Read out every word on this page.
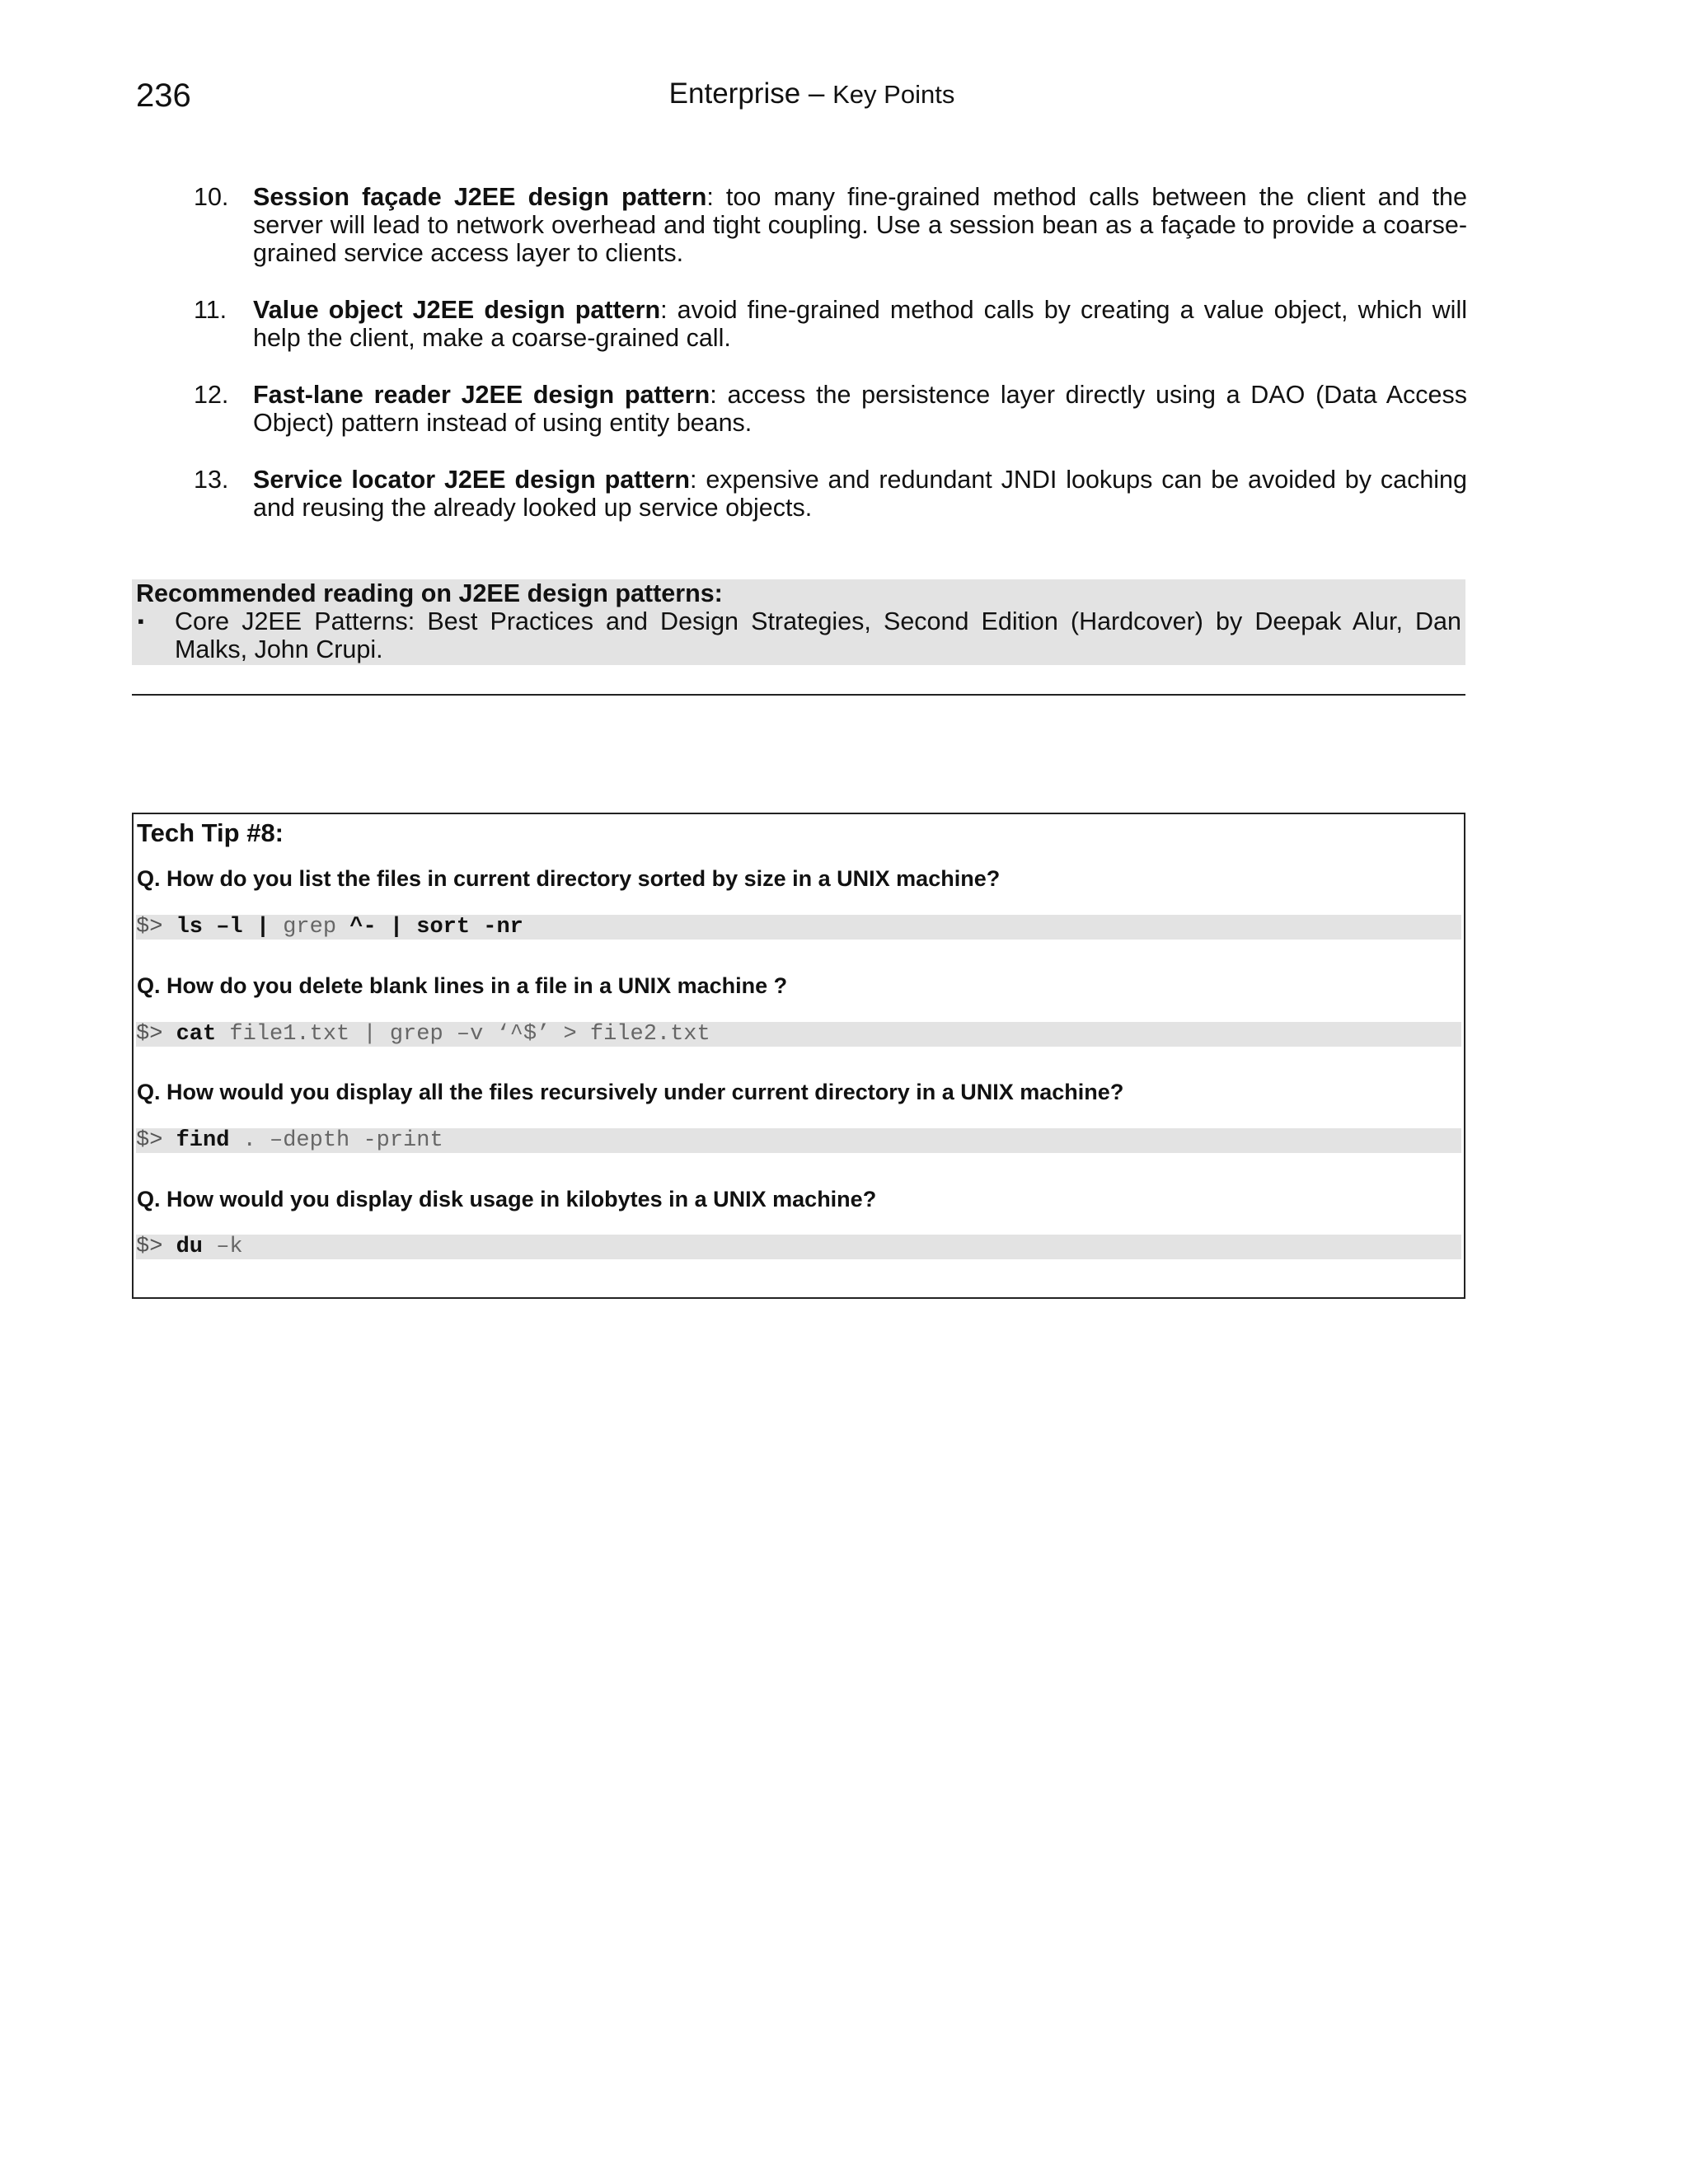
236	Enterprise – Key Points
10. Session façade J2EE design pattern: too many fine-grained method calls between the client and the server will lead to network overhead and tight coupling. Use a session bean as a façade to provide a coarse-grained service access layer to clients.
11.	Value object J2EE design pattern: avoid fine-grained method calls by creating a value object, which will help the client, make a coarse-grained call.
12. Fast-lane reader J2EE design pattern: access the persistence layer directly using a DAO (Data Access Object) pattern instead of using entity beans.
13. Service locator J2EE design pattern: expensive and redundant JNDI lookups can be avoided by caching and reusing the already looked up service objects.
Recommended reading on J2EE design patterns:
▪	Core J2EE Patterns: Best Practices and Design Strategies, Second Edition (Hardcover) by Deepak Alur, Dan Malks, John Crupi.
Tech Tip #8:
Q. How do you list the files in current directory sorted by size in a UNIX machine?
$> ls –l | grep ^- | sort -nr
Q. How do you delete blank lines in a file in a UNIX machine ?
$> cat file1.txt | grep –v ‘^$’ > file2.txt
Q. How would you display all the files recursively under current directory in a UNIX machine?
$> find . –depth -print
Q. How would you display disk usage in kilobytes in a UNIX machine?
$> du –k
